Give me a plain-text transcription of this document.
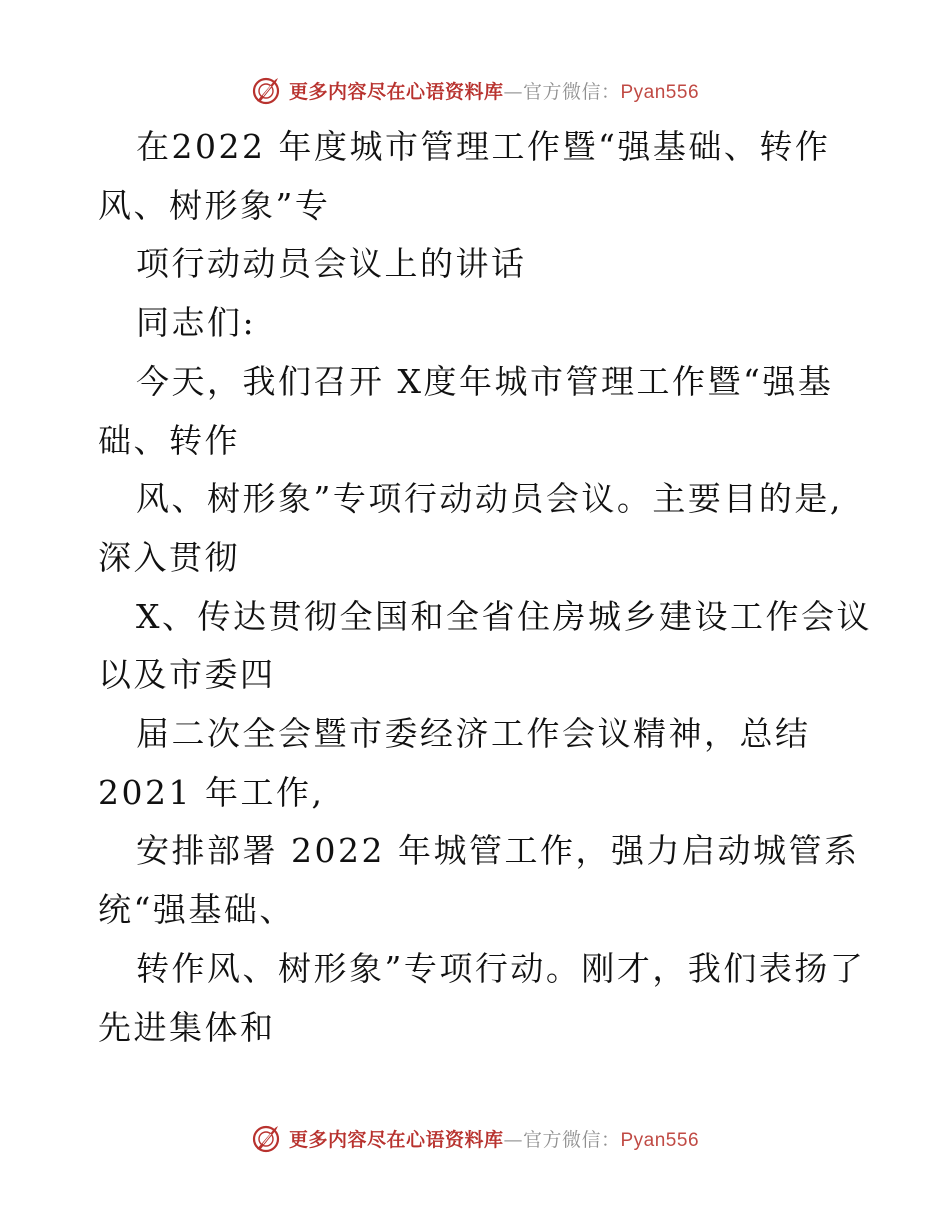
更多内容尽在心语资料库—官方微信：Pyan556
在2022 年度城市管理工作暨“强基础、转作
风、树形象”专
项行动动员会议上的讲话
同志们:
今天，我们召开 X度年城市管理工作暨“强基
础、转作
风、树形象”专项行动动员会议。主要目的是,
深入贯彻
X、传达贯彻全国和全省住房城乡建设工作会议
以及市委四
届二次全会暨市委经济工作会议精神，总结
2021 年工作,
安排部署 2022 年城管工作，强力启动城管系
统“强基础、
转作风、树形象”专项行动。刚才，我们表扬了
先进集体和
更多内容尽在心语资料库—官方微信：Pyan556
